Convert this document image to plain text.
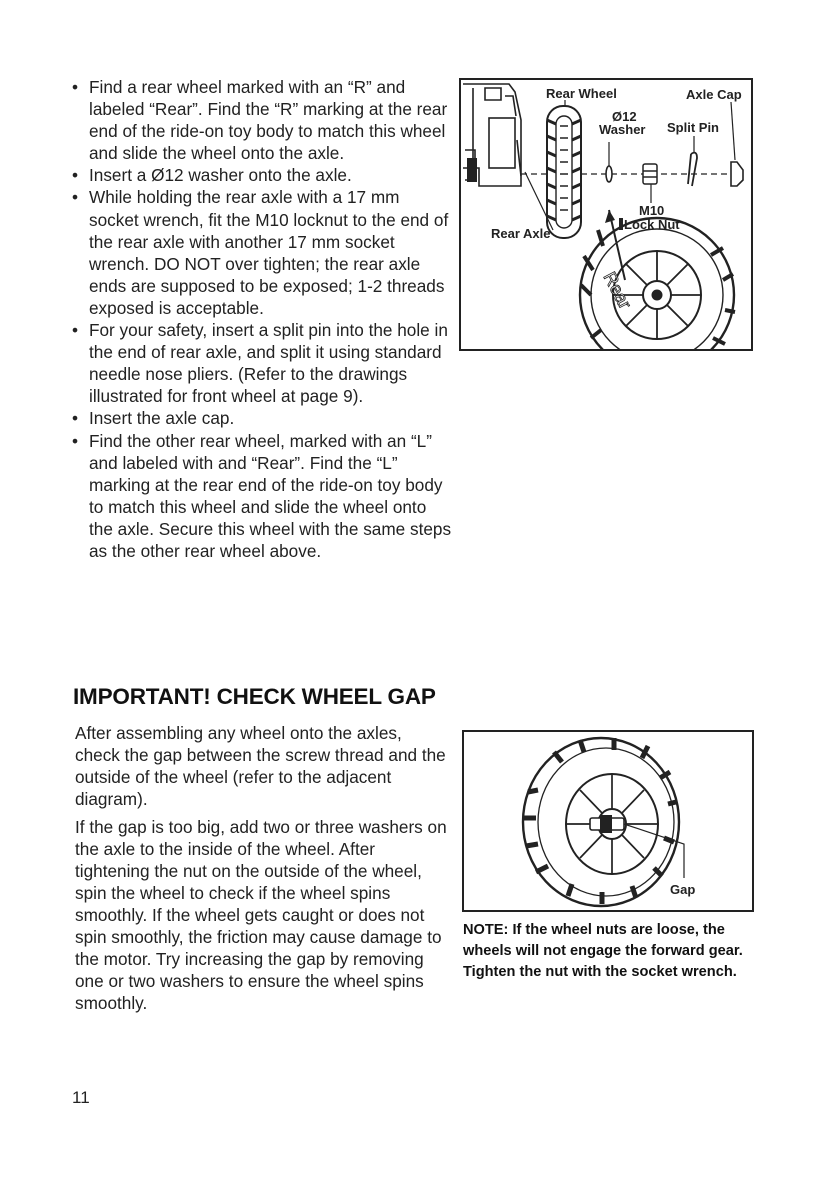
• Find a rear wheel marked with an “R” and labeled “Rear”. Find the “R” marking at the rear end of the ride-on toy body to match this wheel and slide the wheel onto the axle.
• Insert a Ø12 washer onto the axle.
• While holding the rear axle with a 17 mm socket wrench, fit the M10 locknut to the end of the rear axle with another 17 mm socket wrench. DO NOT over tighten; the rear axle ends are supposed to be exposed; 1-2 threads exposed is acceptable.
• For your safety, insert a split pin into the hole in the end of rear axle, and split it using standard needle nose pliers. (Refer to the drawings illustrated for front wheel at page 9).
• Insert the axle cap.
• Find the other rear wheel, marked with an “L” and labeled with and “Rear”. Find the “L” marking at the rear end of the ride-on toy body to match this wheel and slide the wheel onto the axle. Secure this wheel with the same steps as the other rear wheel above.
Rear Wheel	Axle Cap
Ø12
Washer Split Pin
M10
Lock Nut
Rear Axle
Rear
IMPORTANT! CHECK WHEEL GAP

After assembling any wheel onto the axles, check the gap between the screw thread and the outside of the wheel (refer to the adjacent diagram).

If the gap is too big, add two or three washers on the axle to the inside of the wheel. After tightening the nut on the outside of the wheel, spin the wheel to check if the wheel spins smoothly. If the wheel gets caught or does not spin smoothly, the friction may cause damage to the motor. Try increasing the gap by removing one or two washers to ensure the wheel spins smoothly.

Gap

NOTE: If the wheel nuts are loose, the wheels will not engage the forward gear. Tighten the nut with the socket wrench.

11
